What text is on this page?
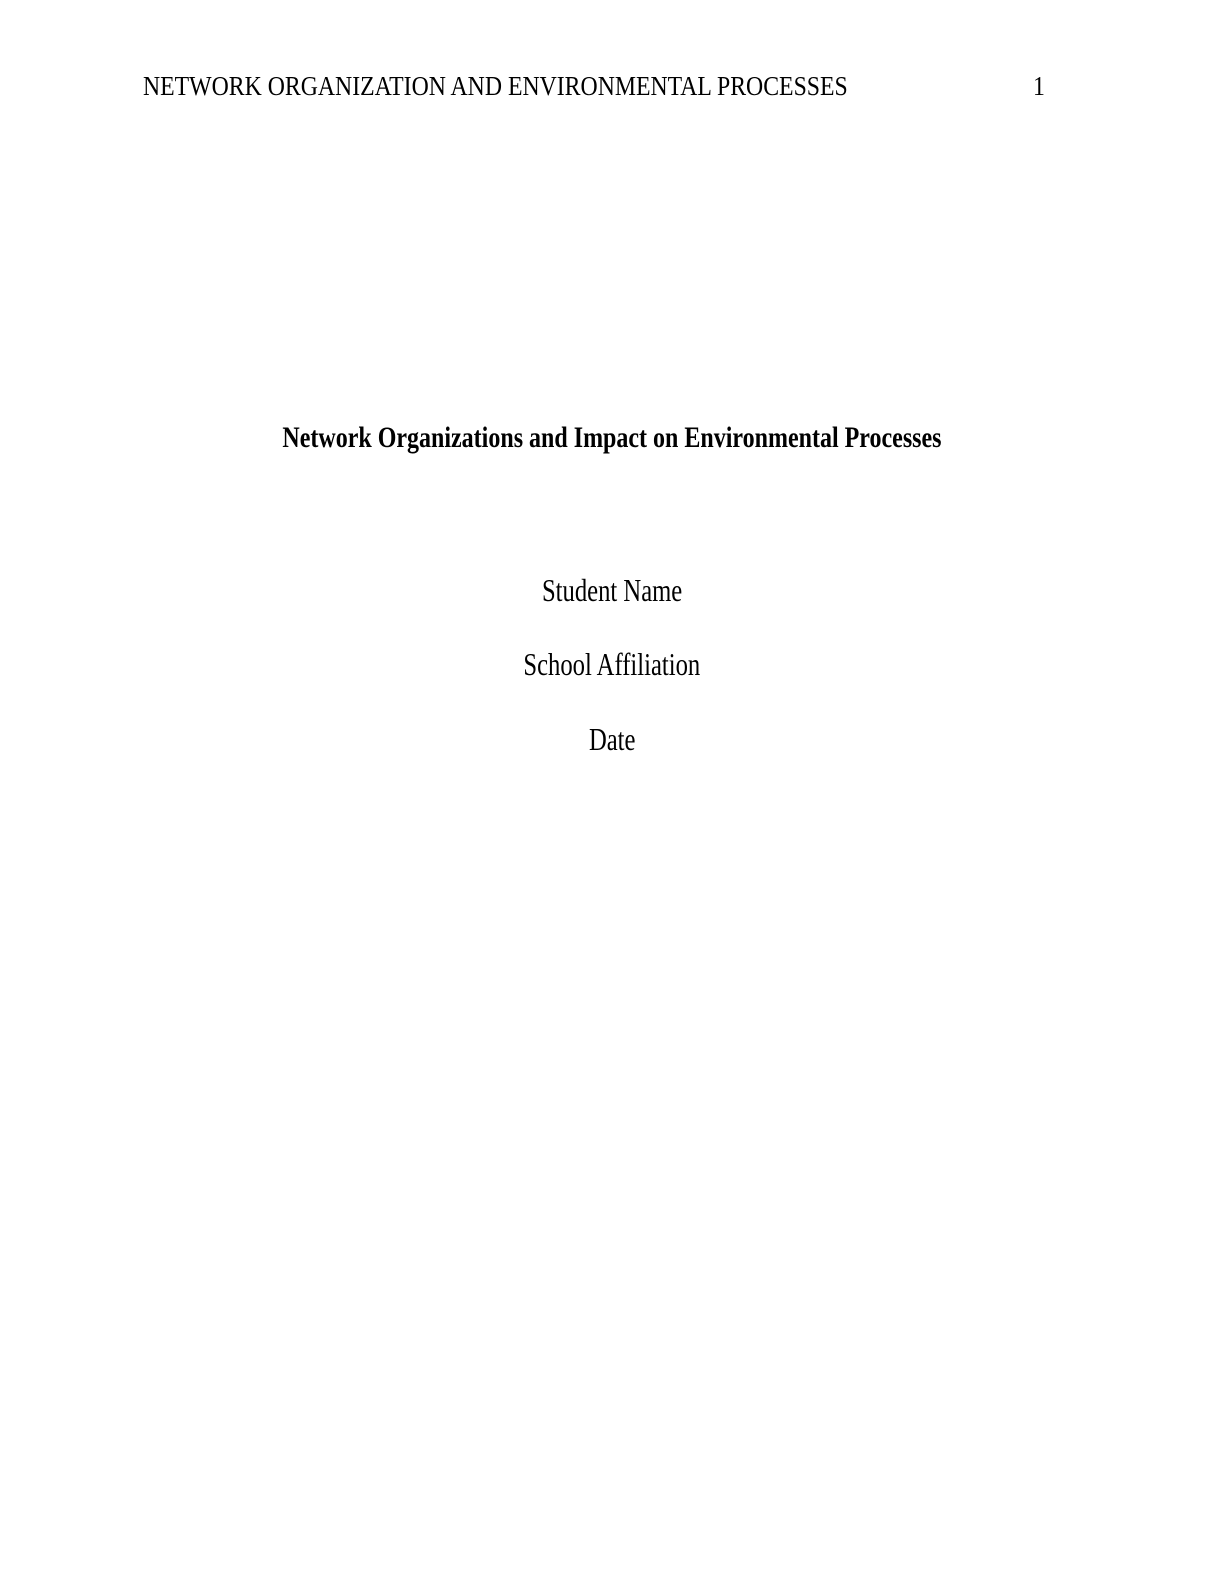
NETWORK ORGANIZATION AND ENVIRONMENTAL PROCESSES	1
Network Organizations and Impact on Environmental Processes
Student Name
School Affiliation
Date
